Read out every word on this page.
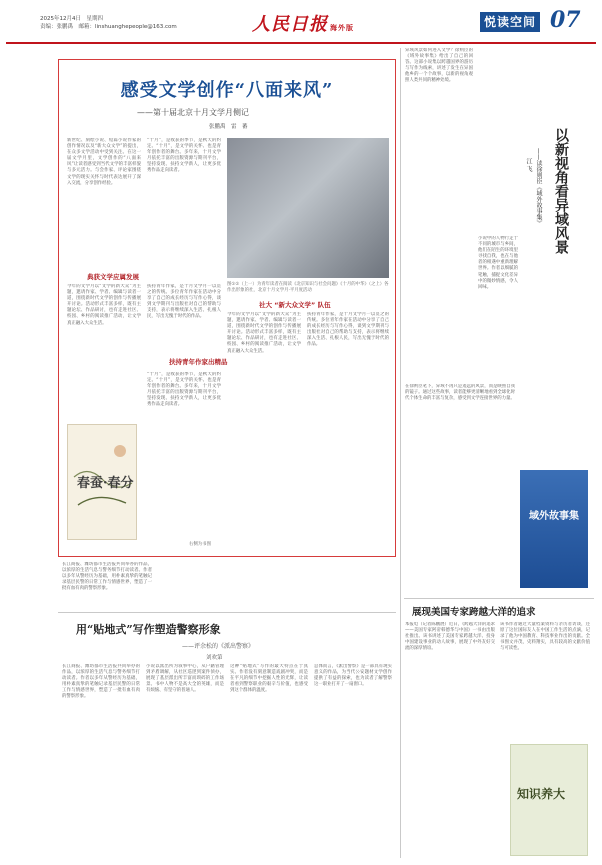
2025年12月4日　星期四
责编：张鹏禹　邮箱：linshuanghepeople@163.com	人民日报 海外版	悦读空间 07
感受文学创作“八面来风”
——第十届北京十月文学月侧记
张鹏禹　雷　蕃
新世纪、刻绘小说、短篇小说作家的创作情况以及“新大众文学”的提出，在众多文学活动中受到关注。在这一届文学月里，文学创作的“八面来风”让读者感受到当代文学的丰富样貌与多元活力。与会作家、评论家围绕文学的现实关怀与时代表达展开了深入交流，分享创作经验。
“十月”，是收获的季节，是秋天的约定。“十月”，是文学的关怀、也是青年创作者的舞台。多年来，十月文学月依托丰富的出版资源与期刊平台，坚持发现、扶持文学新人，让更多优秀作品走向读者。
图①②（上一）为青年读者在阅读《北京知识与社会问题》《十月的中华》（之上）各作出形象的社，北京十月文学月·平月度活动
典获文学应属发展
今年的文学月以“文学的新大众”为主题，邀请作家、学者、编辑与读者一道，围绕新时代文学的创作与传播展开讨论。活动形式丰富多样，既有主题论坛、作品研讨，也有走进社区、校园、乡村的阅读推广活动，让文学真正融入大众生活。
扶持青年作家出精品
扶持青年作家，是十月文学月一以贯之的传统。多位青年作家在活动中分享了自己的成长经历与写作心得，谈到文学期刊与出版社对自己的帮助与支持，表示将继续深入生活、扎根人民，写出无愧于时代的作品。
社大 “新大众文学” 队伍
春蚕·春分
右侧为书图
“十月”，是收获的季节，是秋天的约定。“十月”，是文学的关怀、也是青年创作者的舞台。多年来，十月文学月依托丰富的出版资源与期刊平台，坚持发现、扶持文学新人，让更多优秀作品走向读者。
今年的文学月以“文学的新大众”为主题，邀请作家、学者、编辑与读者一道，围绕新时代文学的创作与传播展开讨论。活动形式丰富多样，既有主题论坛、作品研讨，也有走进社区、校园、乡村的阅读推广活动，让文学真正融入大众生活。
扶持青年作家，是十月文学月一以贯之的传统。多位青年作家在活动中分享了自己的成长经历与写作心得，谈到文学期刊与出版社对自己的帮助与支持，表示将继续深入生活、扎根人民，写出无愧于时代的作品。
长江商报、潍坊都市生活报共同举办的作品，以浓厚的生活气息与警务细节打动读者。作者以多年从警经历为基础，用朴素真挚的笔触记录基层民警的日常工作与情感世界，塑造了一批有血有肉的警察形象。
用“贴地式”写作塑造警察形象
——评余松的《派出警察》
刘欢第
长江商报、潍坊都市生活报共同举办的作品，以浓厚的生活气息与警务细节打动读者。作者以多年从警经历为基础，用朴素真挚的笔触记录基层民警的日常工作与情感世界，塑造了一批有血有肉的警察形象。
小说以派出所为叙事中心，从户籍管理到矛盾调解，从社区巡逻到案件侦办，展现了基层派出所丰富而琐碎的工作场景。书中人物不是高大全的英雄，而是有烦恼、有坚守的普通人。
这种“贴地式”写作的最大特点在于真实。作者没有刻意制造戏剧冲突，而是在平凡的细节中挖掘人性的光辉，让读者看到警察职业的艰辛与价值，也感受到这个群体的温度。
总体而言，《派出警察》是一部具有现实意义的作品，为当代公安题材文学创作提供了有益的探索，也为读者了解警察这一职业打开了一扇窗口。
异域风景如何进入文学？徐则臣的《域外故事集》给出了自己的回答。这部小说集以跨越国界的游历与写作为线索，讲述了发生在异国他乡的一个个故事，以新的视角观照人类共同的精神处境。
以新视角看异域风景
——读徐则臣《域外故事集》
江 飞
小说中的人物行走于不同的城市与乡间，他们在陌生的环境里寻找自我，也在与他者的相遇中重新理解世界。作者以细腻的笔触，捕捉文化差异中的微妙情感，令人回味。
在徐则臣笔下，异域不再只是遥远的风景，而是映照自我的镜子。通过这些故事，读者能够更清晰地看到全球化时代个体生命的丰富与复杂，感受到文学连接世界的力量。
域外故事集
展现美国专家跨越大洋的追求
本报电（记者陈鹏展）近日，《跨越大洋的追求——美国专家阿帝韩德华与中国》一书由出版社推出。该书讲述了美国专家跨越大洋、投身中国建设事业的动人故事，展现了中外友好交流的深厚情谊。
该书作者通过大量档案资料与亲历者访谈，还原了这位国际友人在中国工作生活的点滴，记录了他为中国教育、科技事业作出的贡献。全书图文并茂，史料翔实，具有较高的文献价值与可读性。
知识养大
